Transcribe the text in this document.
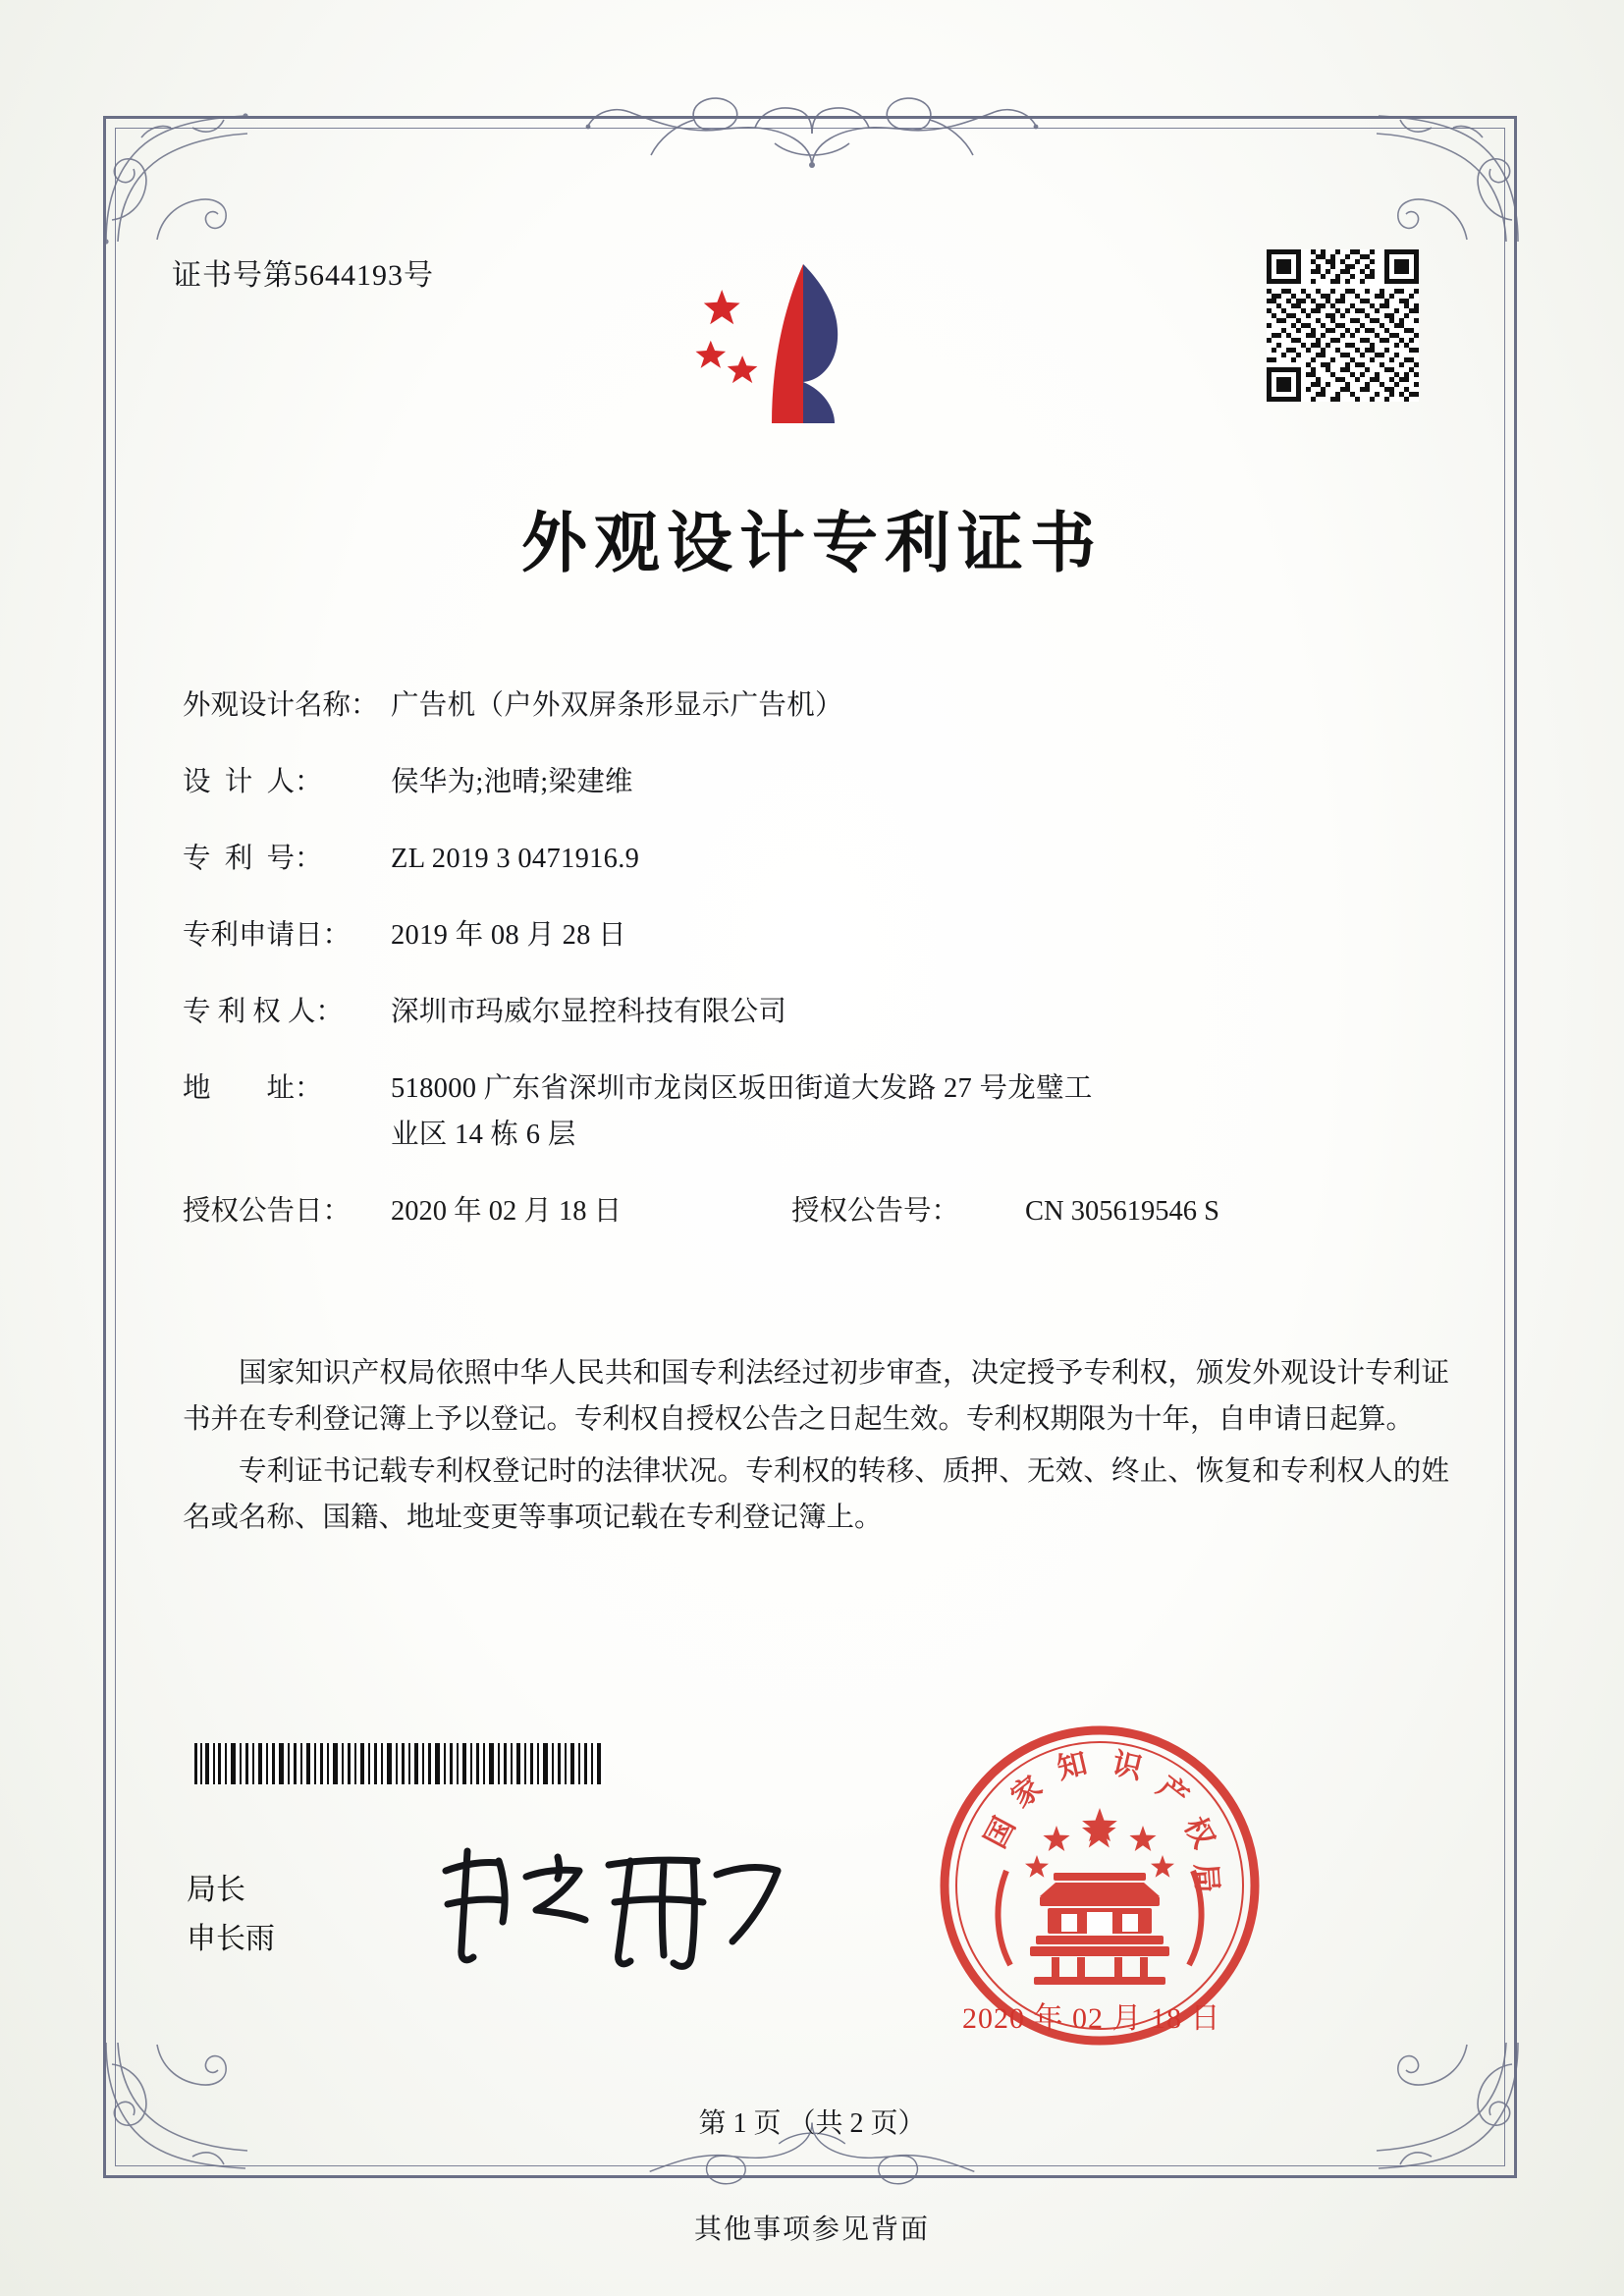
证书号第5644193号
外观设计专利证书
外观设计名称： 广告机（户外双屏条形显示广告机）
设  计  人：	侯华为;池晴;梁建维
专  利  号：	ZL 2019 3 0471916.9
专利申请日：	2019 年 08 月 28 日
专 利 权 人：	深圳市玛威尔显控科技有限公司
地        址：	518000 广东省深圳市龙岗区坂田街道大发路 27 号龙璧工
业区 14 栋 6 层
授权公告日：	2020 年 02 月 18 日	授权公告号：	CN 305619546 S

国家知识产权局依照中华人民共和国专利法经过初步审查，决定授予专利权，颁发外观设计专利证书并在专利登记簿上予以登记。专利权自授权公告之日起生效。专利权期限为十年，自申请日起算。

专利证书记载专利权登记时的法律状况。专利权的转移、质押、无效、终止、恢复和专利权人的姓名或名称、国籍、地址变更等事项记载在专利登记簿上。

局长
申长雨
国
家
知 识
产
权
局
2020 年 02 月 18 日
第 1 页 （共 2 页）
其他事项参见背面
